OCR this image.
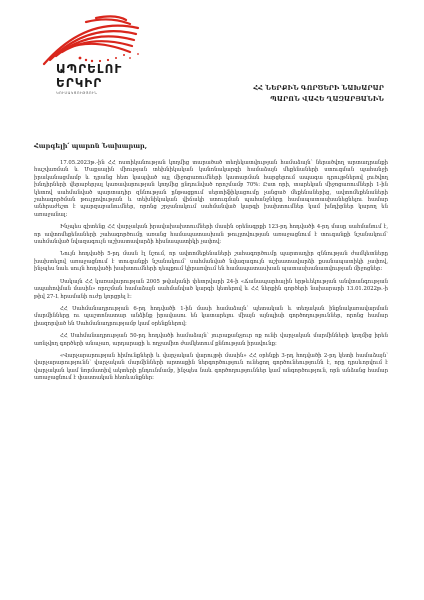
ԱՊՐԵԼՈՒ
ԵՐԿԻՐ
ԿՈՒՍԱԿՑՈՒԹՅՈՒՆ
ՀՀ ՆԵՐՔԻՆ ԳՈՐԾԵՐԻ ՆԱԽԱՐԱՐ
ՊԱՐՈՆ ՎԱՀԵ ՂԱԶԱՐՅԱՆԻՆ
Հարգելի՛ պարոն Նախարար,

17.05.2023թ.-ին ՀՀ ոստիկանության կողմից տարածած տեղեկատվության համաձայն՝ ներածվող արտադրանքի հաշվառման և Մաքսային միության տեխնիկական կանոնակարգի համաձայն մեքենաների ստուգման պահանջի իրականացմամբ և դրանց հետ կապված այլ միջոցառումների կատարման հարցերում ապագա դրույթներով լուծվող խնդիրների վերաբերյալ կառավարության կողմից ընդունված որոշմամբ 70%: Ըստ որի, տարեկան միջոցառումների 1-ին կետով սահմանված պարտադիր զննության ընթացքում սերտիֆիկացումը չանցած մեքենաներից, ավտոմեքենաների շահագործման թույլտվության և տեխնիկական վիճակի ստուգման պահանջները համապատասխանեցնելու համար անհրաժեշտ է պարզաբանումներ, որոնց շրջանակում սահմանված կարգի խախտումներ կամ խնդիրներ կարող են առաջանալ:

Ինչպես գիտենք ՀՀ վարչական իրավախախտումների մասին օրենսգրքի 123-րդ հոդվածի 4-րդ մասը սահմանում է, որ ավտոմեքենաների շահագործումը առանց համապատասխան թույլտվության առաջացնում է տուգանքի նշանակում՝ սահմանված նվազագույն աշխատավարձի հիսնապատիկի չափով:

Նույն հոդվածի 5-րդ մասն էլ նշում, որ ավտոմեքենաների շահագործումը պարտադիր զննության ժամկետները խախտելով առաջացնում է տուգանքի նշանակում՝ սահմանված նվազագույն աշխատավարձի քսանապատիկի չափով, ինչպես նաև սույն հոդվածի խախտումների դեպքում կիրառվում են համապատասխան պատասխանատվության միջոցներ:

Սակայն ՀՀ կառավարության 2005 թվականի փետրվարի 24-ի «Ճանապարհային երթևեկության անվտանգության ապահովման մասին» որոշման համաձայն սահմանված կարգի կետերով և ՀՀ ներքին գործերի նախարարի 13.01.2022թ.-ի թիվ 27-Լ հրամանի ուժը կորցրել է:

ՀՀ Սահմանադրության 6-րդ հոդվածի 1-ին մասի համաձայն՝ պետական և տեղական ինքնակառավարման մարմինները ու պաշտոնատար անձինք իրավասու են կատարելու միայն այնպիսի գործողություններ, որոնց համար լիազորված են Սահմանադրությամբ կամ օրենքներով:

ՀՀ Սահմանադրության 50-րդ հոդվածի համաձայն՝ յուրաքանչյուր ոք ունի վարչական մարմինների կողմից իրեն առնչվող գործերի անաչառ, արդարացի և ողջամիտ ժամկետում քննության իրավունք:

«Վարչարարության հիմունքների և վարչական վարույթի մասին» ՀՀ օրենքի 3-րդ հոդվածի 2-րդ կետի համաձայն՝ վարչարարությունն՝ վարչական մարմինների արտաքին ներգործություն ունեցող գործունեությունն է, որը դրսևորվում է վարչական կամ նորմատիվ ակտերի ընդունմամբ, ինչպես նաև գործողություններ կամ անգործություն, որն անձանց համար առաջացնում է փաստական հետևանքներ:
